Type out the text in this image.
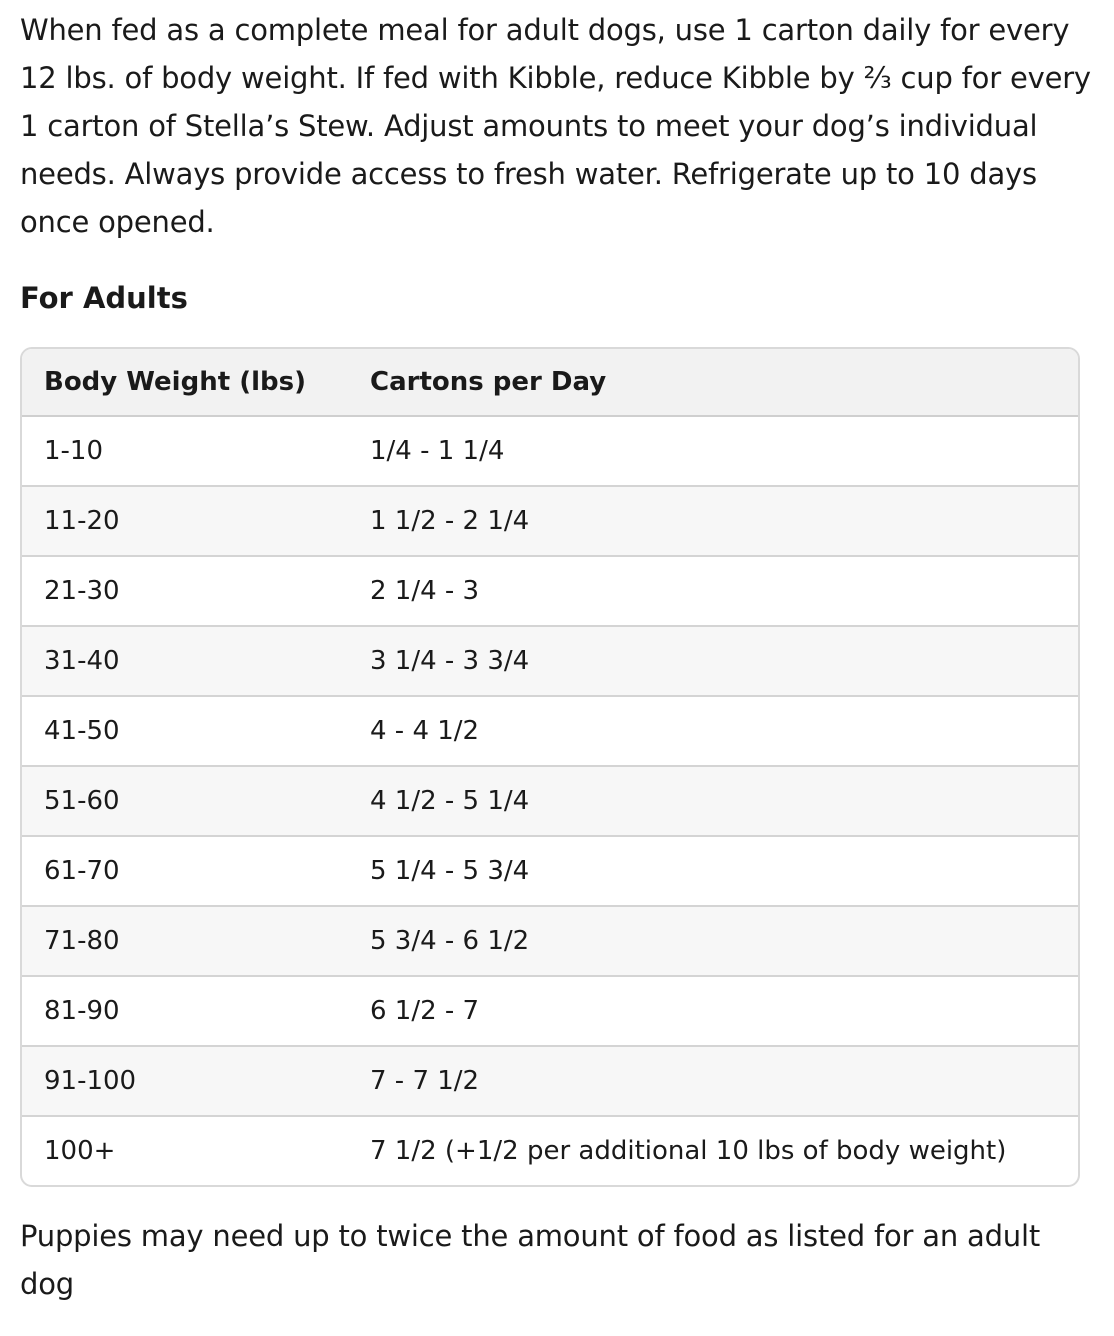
When fed as a complete meal for adult dogs, use 1 carton daily for every 12 lbs. of body weight. If fed with Kibble, reduce Kibble by ⅔ cup for every 1 carton of Stella’s Stew. Adjust amounts to meet your dog’s individual needs. Always provide access to fresh water. Refrigerate up to 10 days once opened.

For Adults
Body Weight (lbs)	Cartons per Day
1-10	1/4 - 1 1/4
11-20	1 1/2 - 2 1/4
21-30	2 1/4 - 3
31-40	3 1/4 - 3 3/4
41-50	4 - 4 1/2
51-60	4 1/2 - 5 1/4
61-70	5 1/4 - 5 3/4
71-80	5 3/4 - 6 1/2
81-90	6 1/2 - 7
91-100	7 - 7 1/2
100+	7 1/2 (+1/2 per additional 10 lbs of body weight)

Puppies may need up to twice the amount of food as listed for an adult dog
